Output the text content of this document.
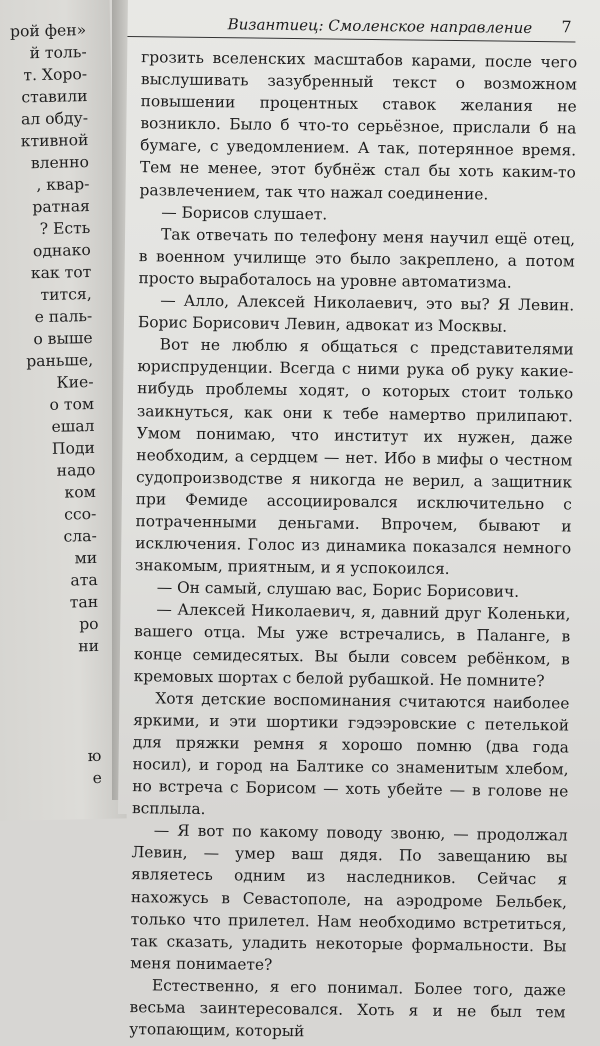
рой фен»
й толь-
т. Хоро-
ставили
ал обду-
ктивной
вленно
, квар-
ратная
? Есть
однако
как тот
тится,
е паль-
о выше
раньше,
Кие-
о том
ешал
Поди
надо
ком
ссо-
сла-
ми
ата
тан
ро
ни
ю
е
Византиец: Смоленское направление 7

грозить вселенских масштабов карами, после чего выслушивать зазубренный текст о возможном повышении процентных ставок желания не возникло. Было б что-то серьёзное, прислали б на бумаге, с уведомлением. А так, потерянное время. Тем не менее, этот бубнёж стал бы хоть каким-то развлечением, так что нажал соединение.

— Борисов слушает.

Так отвечать по телефону меня научил ещё отец, в военном училище это было закреплено, а потом просто выработалось на уровне автоматизма.

— Алло, Алексей Николаевич, это вы? Я Левин. Борис Борисович Левин, адвокат из Москвы.

Вот не люблю я общаться с представителями юриспруденции. Всегда с ними рука об руку какие-нибудь проблемы ходят, о которых стоит только заикнуться, как они к тебе намертво прилипают. Умом понимаю, что институт их нужен, даже необходим, а сердцем — нет. Ибо в мифы о честном судопроизводстве я никогда не верил, а защитник при Фемиде ассоциировался исключительно с потраченными деньгами. Впрочем, бывают и исключения. Голос из динамика показался немного знакомым, приятным, и я успокоился.

— Он самый, слушаю вас, Борис Борисович.

— Алексей Николаевич, я, давний друг Коленьки, вашего отца. Мы уже встречались, в Паланге, в конце семидесятых. Вы были совсем ребёнком, в кремовых шортах с белой рубашкой. Не помните?

Хотя детские воспоминания считаются наиболее яркими, и эти шортики гэдээровские с петелькой для пряжки ремня я хорошо помню (два года носил), и город на Балтике со знаменитым хлебом, но встреча с Борисом — хоть убейте — в голове не всплыла.

— Я вот по какому поводу звоню, — продолжал Левин, — умер ваш дядя. По завещанию вы являетесь одним из наследников. Сейчас я нахожусь в Севастополе, на аэродроме Бельбек, только что прилетел. Нам необходимо встретиться, так сказать, уладить некоторые формальности. Вы меня понимаете?

Естественно, я его понимал. Более того, даже весьма заинтересовался. Хоть я и не был тем утопающим, который
